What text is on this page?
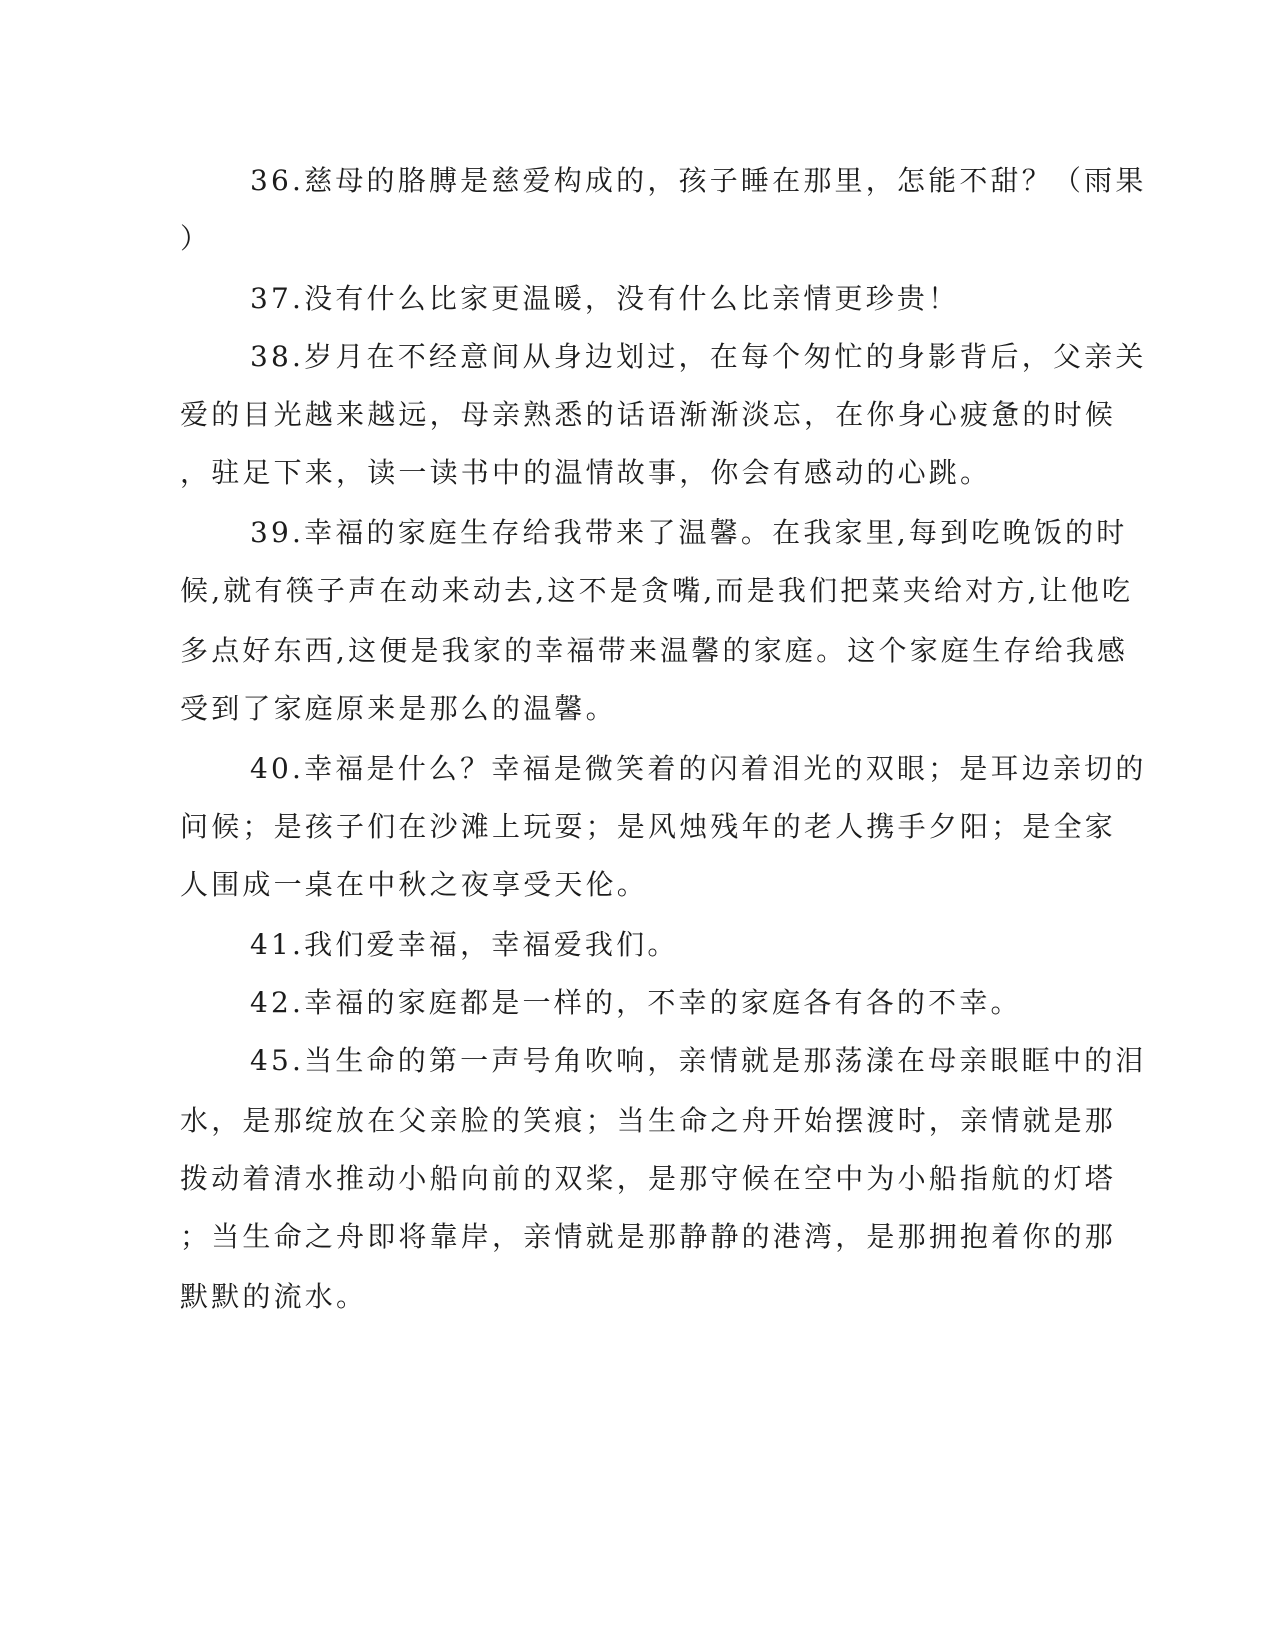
36.慈母的胳膊是慈爱构成的，孩子睡在那里，怎能不甜？（雨果
）
37.没有什么比家更温暖，没有什么比亲情更珍贵！
38.岁月在不经意间从身边划过，在每个匆忙的身影背后，父亲关
爱的目光越来越远，母亲熟悉的话语渐渐淡忘，在你身心疲惫的时候
，驻足下来，读一读书中的温情故事，你会有感动的心跳。
39.幸福的家庭生存给我带来了温馨。在我家里,每到吃晚饭的时
候,就有筷子声在动来动去,这不是贪嘴,而是我们把菜夹给对方,让他吃
多点好东西,这便是我家的幸福带来温馨的家庭。这个家庭生存给我感
受到了家庭原来是那么的温馨。
40.幸福是什么？幸福是微笑着的闪着泪光的双眼；是耳边亲切的
问候；是孩子们在沙滩上玩耍；是风烛残年的老人携手夕阳；是全家
人围成一桌在中秋之夜享受天伦。
41.我们爱幸福，幸福爱我们。
42.幸福的家庭都是一样的，不幸的家庭各有各的不幸。
45.当生命的第一声号角吹响，亲情就是那荡漾在母亲眼眶中的泪
水，是那绽放在父亲脸的笑痕；当生命之舟开始摆渡时，亲情就是那
拨动着清水推动小船向前的双桨，是那守候在空中为小船指航的灯塔
；当生命之舟即将靠岸，亲情就是那静静的港湾，是那拥抱着你的那
默默的流水。
